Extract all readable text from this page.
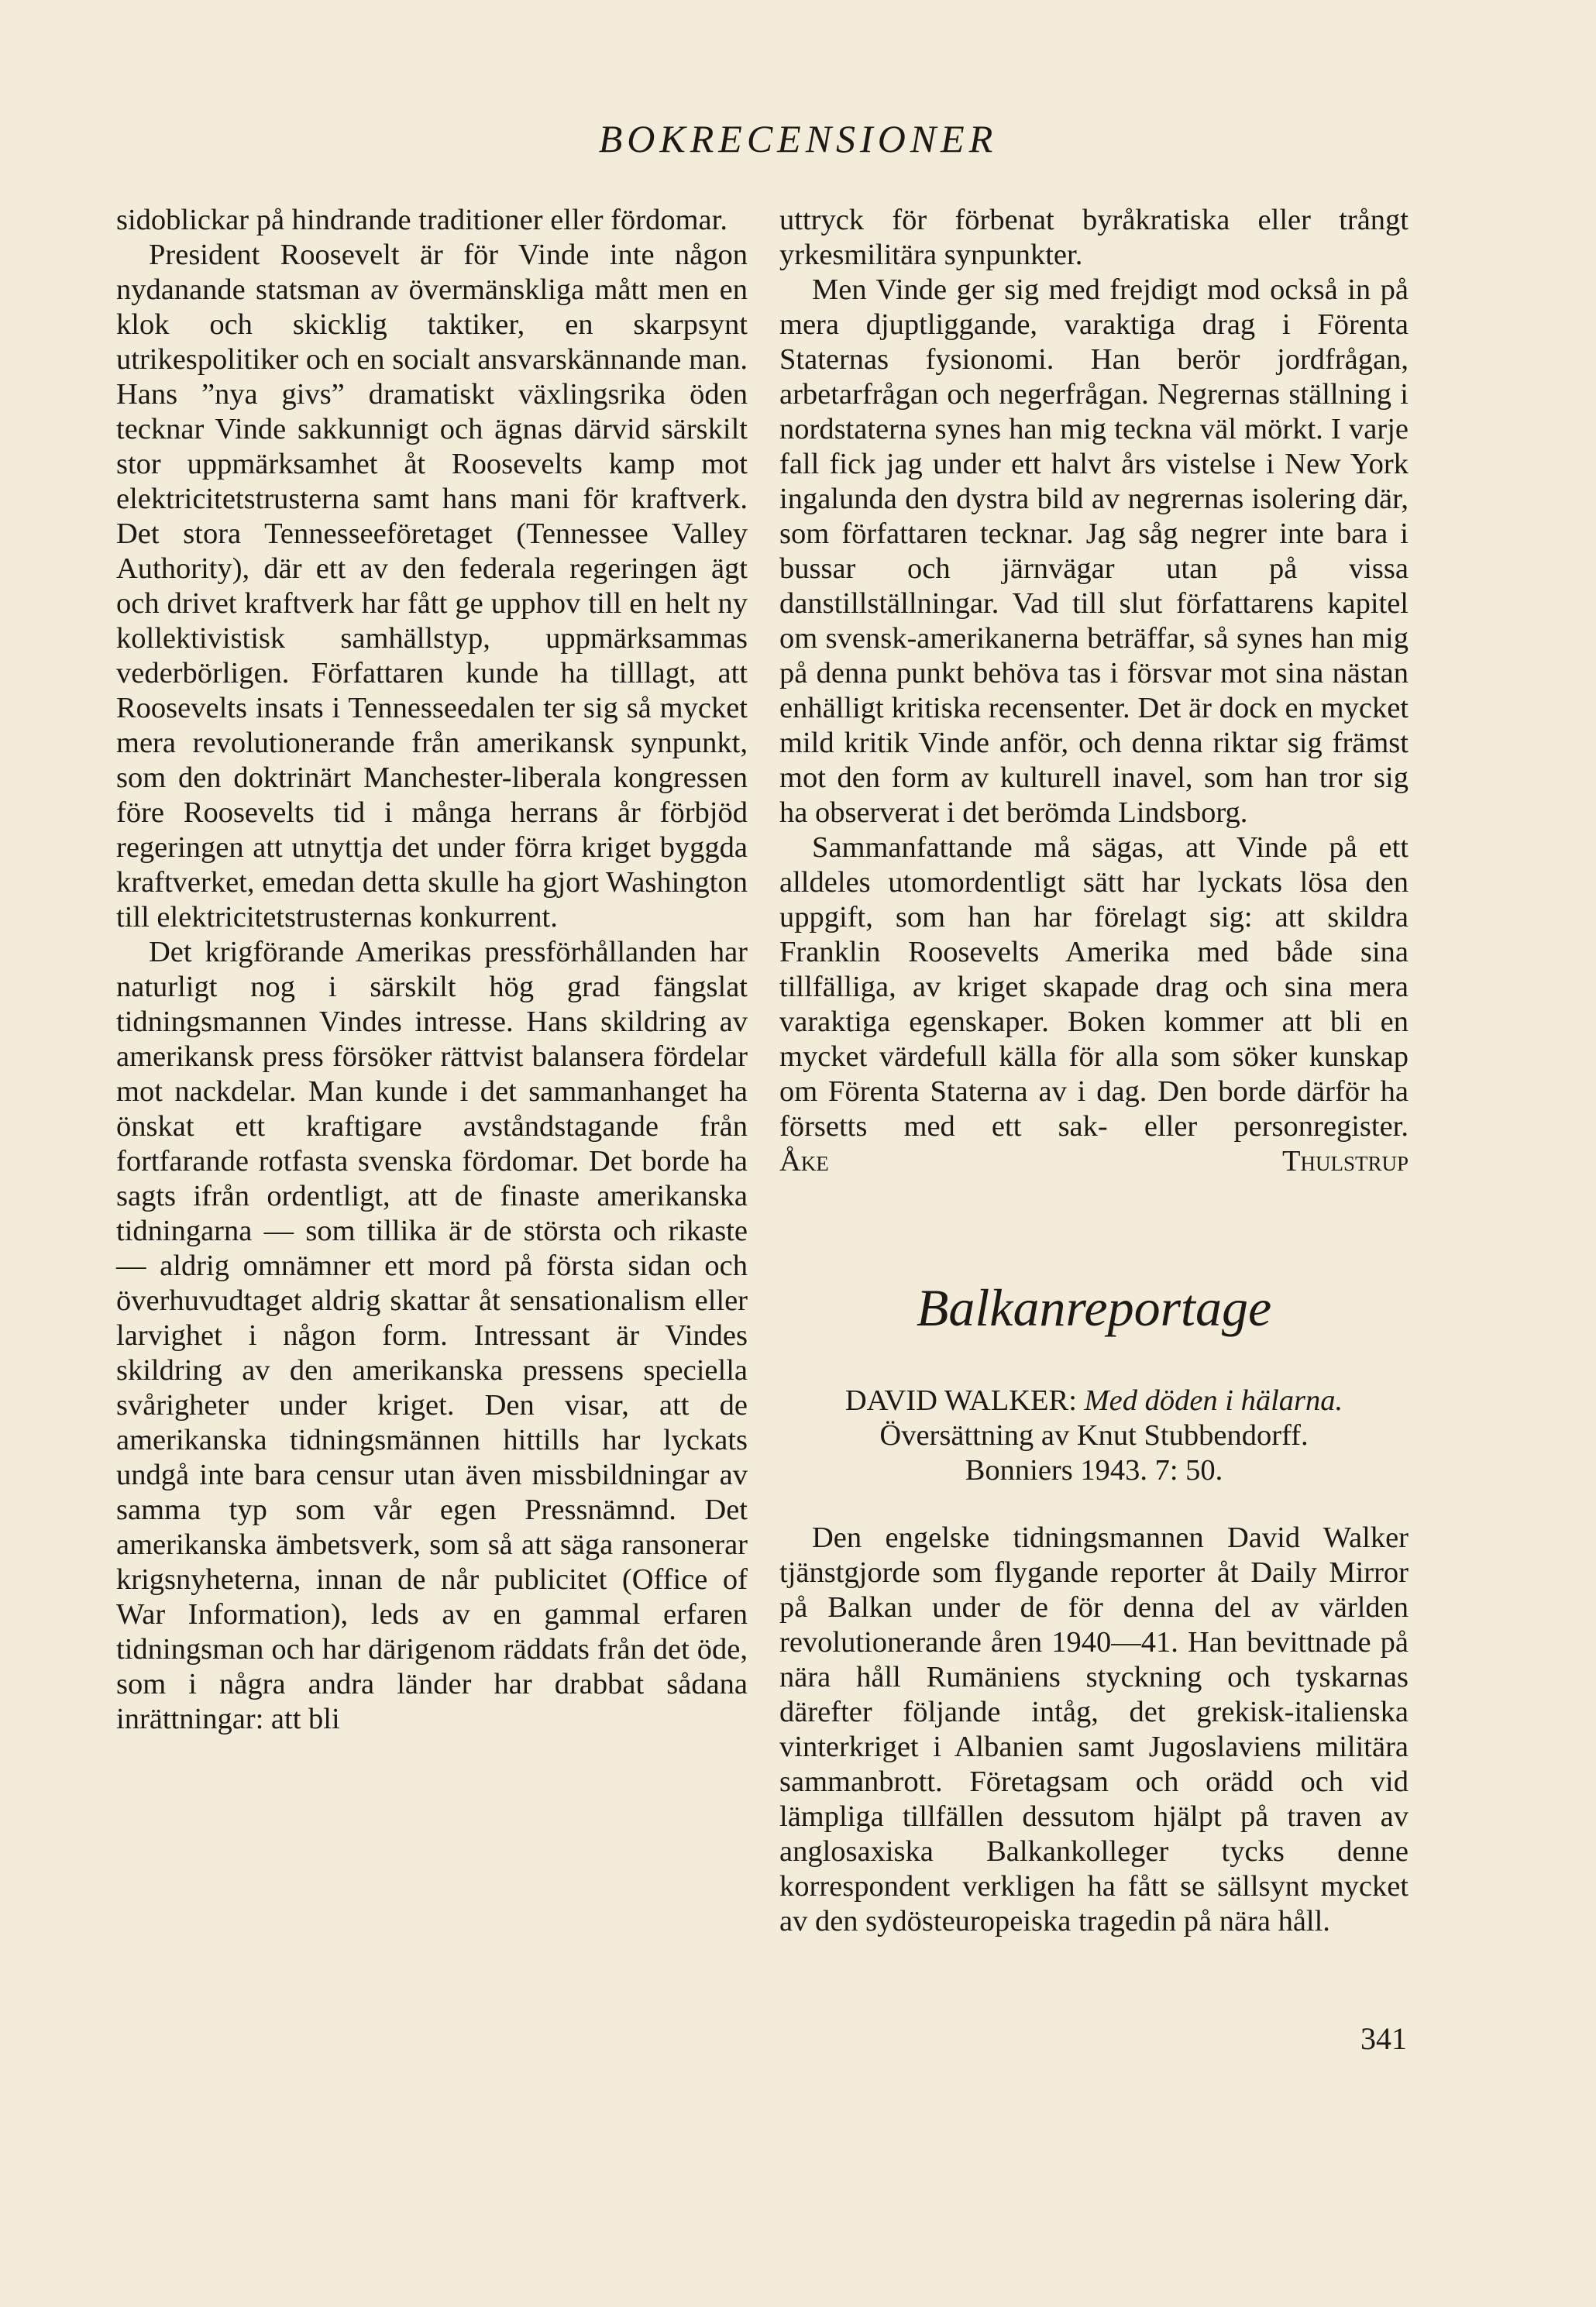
BOKRECENSIONER

sidoblickar på hindrande traditioner eller fördomar.

President Roosevelt är för Vinde inte någon nydanande statsman av övermänskliga mått men en klok och skicklig taktiker, en skarpsynt utrikespolitiker och en socialt ansvarskännande man. Hans ”nya givs” dramatiskt växlingsrika öden tecknar Vinde sakkunnigt och ägnas därvid särskilt stor uppmärksamhet åt Roosevelts kamp mot elektricitetstrusterna samt hans mani för kraftverk. Det stora Tennesseeföretaget (Tennessee Valley Authority), där ett av den federala regeringen ägt och drivet kraftverk har fått ge upphov till en helt ny kollektivistisk samhällstyp, uppmärksammas vederbörligen. Författaren kunde ha tilllagt, att Roosevelts insats i Tennesseedalen ter sig så mycket mera revolutionerande från amerikansk synpunkt, som den doktrinärt Manchester-liberala kongressen före Roosevelts tid i många herrans år förbjöd regeringen att utnyttja det under förra kriget byggda kraftverket, emedan detta skulle ha gjort Washington till elektricitetstrusternas konkurrent.

Det krigförande Amerikas pressförhållanden har naturligt nog i särskilt hög grad fängslat tidningsmannen Vindes intresse. Hans skildring av amerikansk press försöker rättvist balansera fördelar mot nackdelar. Man kunde i det sammanhanget ha önskat ett kraftigare avståndstagande från fortfarande rotfasta svenska fördomar. Det borde ha sagts ifrån ordentligt, att de finaste amerikanska tidningarna — som tillika är de största och rikaste — aldrig omnämner ett mord på första sidan och överhuvudtaget aldrig skattar åt sensationalism eller larvighet i någon form. Intressant är Vindes skildring av den amerikanska pressens speciella svårigheter under kriget. Den visar, att de amerikanska tidningsmännen hittills har lyckats undgå inte bara censur utan även missbildningar av samma typ som vår egen Pressnämnd. Det amerikanska ämbetsverk, som så att säga ransonerar krigsnyheterna, innan de når publicitet (Office of War Information), leds av en gammal erfaren tidningsman och har därigenom räddats från det öde, som i några andra länder har drabbat sådana inrättningar: att bli

uttryck för förbenat byråkratiska eller trångt yrkesmilitära synpunkter.

Men Vinde ger sig med frejdigt mod också in på mera djuptliggande, varaktiga drag i Förenta Staternas fysionomi. Han berör jordfrågan, arbetarfrågan och negerfrågan. Negrernas ställning i nordstaterna synes han mig teckna väl mörkt. I varje fall fick jag under ett halvt års vistelse i New York ingalunda den dystra bild av negrernas isolering där, som författaren tecknar. Jag såg negrer inte bara i bussar och järnvägar utan på vissa danstillställningar. Vad till slut författarens kapitel om svensk-amerikanerna beträffar, så synes han mig på denna punkt behöva tas i försvar mot sina nästan enhälligt kritiska recensenter. Det är dock en mycket mild kritik Vinde anför, och denna riktar sig främst mot den form av kulturell inavel, som han tror sig ha observerat i det berömda Lindsborg.

Sammanfattande må sägas, att Vinde på ett alldeles utomordentligt sätt har lyckats lösa den uppgift, som han har förelagt sig: att skildra Franklin Roosevelts Amerika med både sina tillfälliga, av kriget skapade drag och sina mera varaktiga egenskaper. Boken kommer att bli en mycket värdefull källa för alla som söker kunskap om Förenta Staterna av i dag. Den borde därför ha försetts med ett sak- eller personregister. Åke Thulstrup

Balkanreportage
DAVID WALKER: Med döden i hälarna.
Översättning av Knut Stubbendorff.
Bonniers 1943. 7: 50.

Den engelske tidningsmannen David Walker tjänstgjorde som flygande reporter åt Daily Mirror på Balkan under de för denna del av världen revolutionerande åren 1940—41. Han bevittnade på nära håll Rumäniens styckning och tyskarnas därefter följande intåg, det grekisk-italienska vinterkriget i Albanien samt Jugoslaviens militära sammanbrott. Företagsam och orädd och vid lämpliga tillfällen dessutom hjälpt på traven av anglosaxiska Balkankolleger tycks denne korrespondent verkligen ha fått se sällsynt mycket av den sydösteuropeiska tragedin på nära håll.

341
